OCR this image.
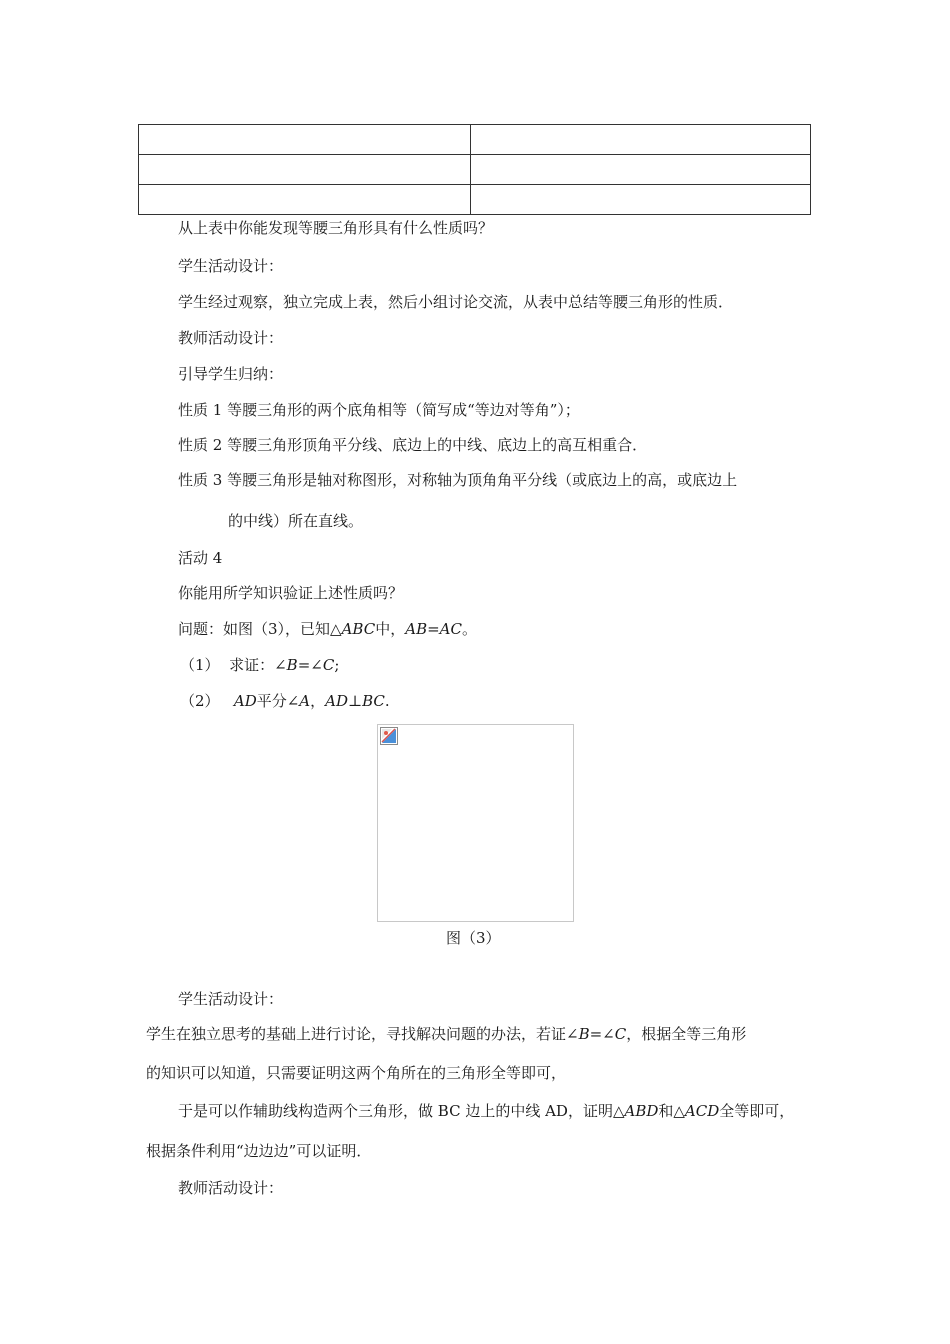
从上表中你能发现等腰三角形具有什么性质吗？
学生活动设计：
学生经过观察，独立完成上表，然后小组讨论交流，从表中总结等腰三角形的性质．
教师活动设计：
引导学生归纳：
性质 1 等腰三角形的两个底角相等（简写成“等边对等角”）；
性质 2 等腰三角形顶角平分线、底边上的中线、底边上的高互相重合．
性质 3 等腰三角形是轴对称图形，对称轴为顶角角平分线（或底边上的高，或底边上
的中线）所在直线。
活动 4
你能用所学知识验证上述性质吗？
问题：如图（3），已知△ABC中，AB=AC。
（1） 求证：∠B=∠C;
（2） AD平分∠A，AD⊥BC.
图（3）
学生活动设计：
学生在独立思考的基础上进行讨论，寻找解决问题的办法，若证∠B=∠C，根据全等三角形
的知识可以知道，只需要证明这两个角所在的三角形全等即可，
于是可以作辅助线构造两个三角形，做 BC 边上的中线 AD，证明△ABD和△ACD全等即可，
根据条件利用“边边边”可以证明．
教师活动设计：
